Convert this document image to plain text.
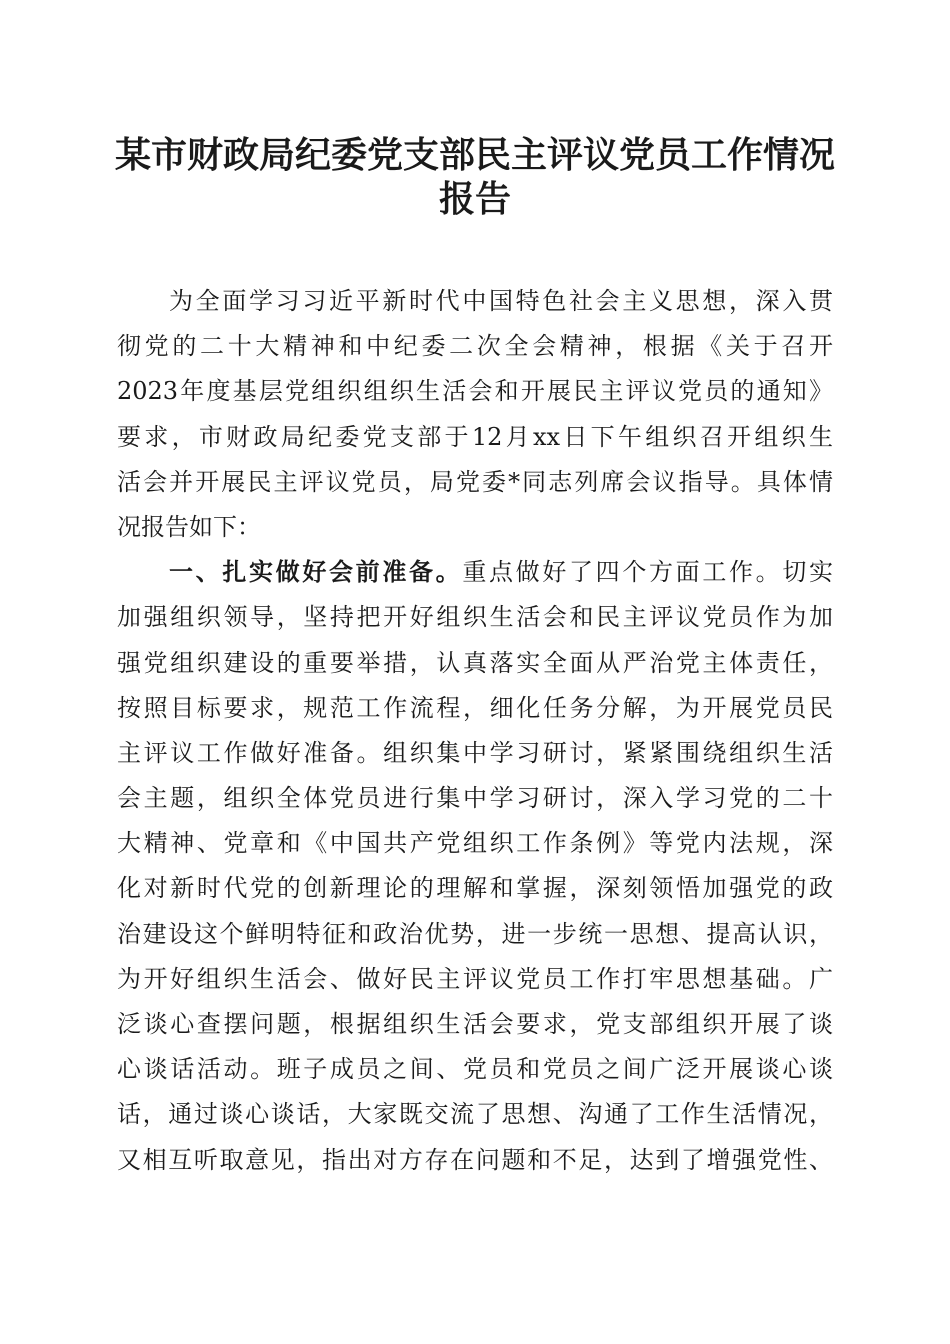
某市财政局纪委党支部民主评议党员工作情况
报告
为全面学习习近平新时代中国特色社会主义思想，深入贯
彻党的二十大精神和中纪委二次全会精神，根据《关于召开
2023年度基层党组织组织生活会和开展民主评议党员的通知》
要求，市财政局纪委党支部于12月xx日下午组织召开组织生
活会并开展民主评议党员，局党委*同志列席会议指导。具体情
况报告如下：
一、扎实做好会前准备。重点做好了四个方面工作。切实
加强组织领导，坚持把开好组织生活会和民主评议党员作为加
强党组织建设的重要举措，认真落实全面从严治党主体责任，
按照目标要求，规范工作流程，细化任务分解，为开展党员民
主评议工作做好准备。组织集中学习研讨，紧紧围绕组织生活
会主题，组织全体党员进行集中学习研讨，深入学习党的二十
大精神、党章和《中国共产党组织工作条例》等党内法规，深
化对新时代党的创新理论的理解和掌握，深刻领悟加强党的政
治建设这个鲜明特征和政治优势，进一步统一思想、提高认识，
为开好组织生活会、做好民主评议党员工作打牢思想基础。广
泛谈心查摆问题，根据组织生活会要求，党支部组织开展了谈
心谈话活动。班子成员之间、党员和党员之间广泛开展谈心谈
话，通过谈心谈话，大家既交流了思想、沟通了工作生活情况，
又相互听取意见，指出对方存在问题和不足，达到了增强党性、
